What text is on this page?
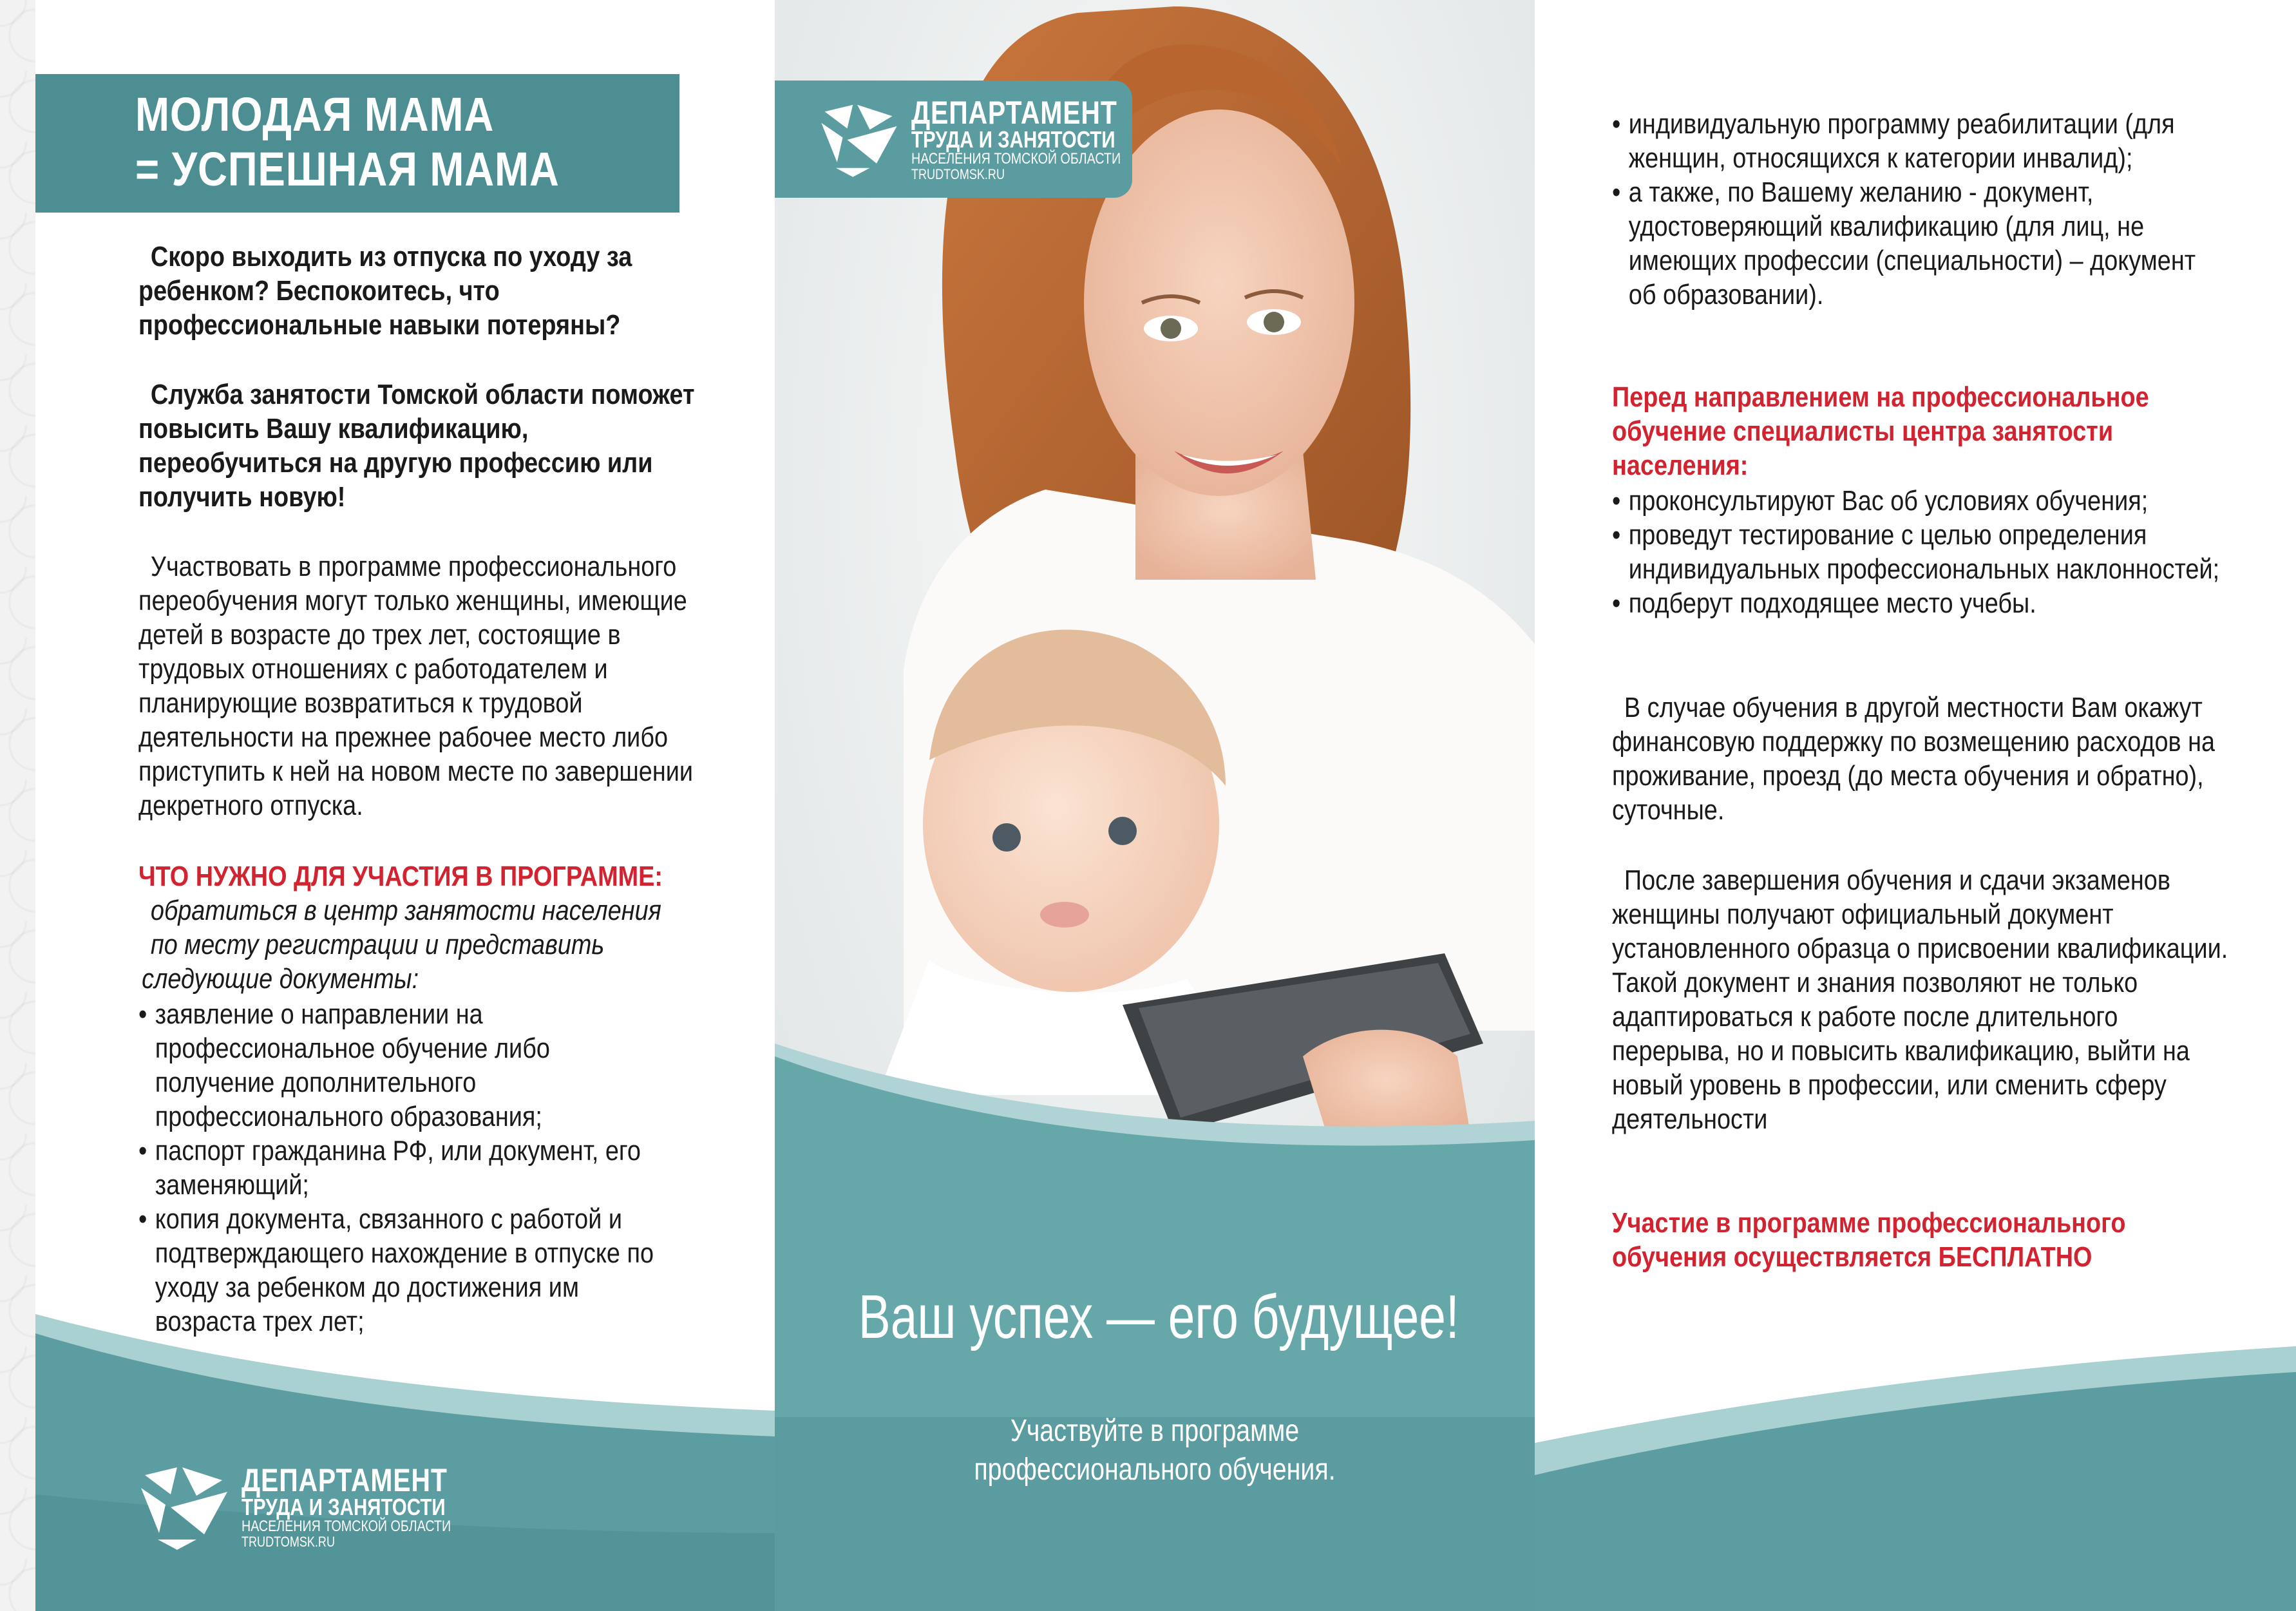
МОЛОДАЯ МАМА
= УСПЕШНАЯ МАМА
Скоро выходить из отпуска по уходу за ребенком? Беспокоитесь, что профессиональные навыки потеряны?
Служба занятости Томской области поможет повысить Вашу квалификацию, переобучиться на другую профессию или получить новую!
Участвовать в программе профессионального переобучения могут только женщины, имеющие детей в возрасте до трех лет, состоящие в трудовых отношениях с работодателем и планирующие возвратиться к трудовой деятельности на прежнее рабочее место либо приступить к ней на новом месте по завершении декретного отпуска.
ЧТО НУЖНО ДЛЯ УЧАСТИЯ В ПРОГРАММЕ:

обратиться в центр занятости населения

по месту регистрации и представить

следующие документы:

• заявление о направлении на профессиональное обучение либо получение дополнительного профессионального образования;

• паспорт гражданина РФ, или документ, его заменяющий;

• копия документа, связанного с работой и подтверждающего нахождение в отпуске по уходу за ребенком до достижения им возраста трех лет;

ДЕПАРТАМЕНТ
ТРУДА И ЗАНЯТОСТИ
НАСЕЛЕНИЯ ТОМСКОЙ ОБЛАСТИ
TRUDTOMSK.RU
ДЕПАРТАМЕНТ
ТРУДА И ЗАНЯТОСТИ
НАСЕЛЕНИЯ ТОМСКОЙ ОБЛАСТИ
TRUDTOMSK.RU
Ваш успех — его будущее!
Участвуйте в программе
профессионального обучения.

• индивидуальную программу реабилитации (для женщин, относящихся к категории инвалид);

• а также, по Вашему желанию - документ, удостоверяющий квалификацию (для лиц, не имеющих профессии (специальности) – документ об образовании).

Перед направлением на профессиональное обучение специалисты центра занятости населения:

• проконсультируют Вас об условиях обучения;

• проведут тестирование с целью определения индивидуальных профессиональных наклонностей;

• подберут подходящее место учебы.

В случае обучения в другой местности Вам окажут финансовую поддержку по возмещению расходов на проживание, проезд (до места обучения и обратно), суточные.
После завершения обучения и сдачи экзаменов женщины получают официальный документ установленного образца о присвоении квалификации. Такой документ и знания позволяют не только адаптироваться к работе после длительного перерыва, но и повысить квалификацию, выйти на новый уровень в профессии, или сменить сферу деятельности
Участие в программе профессионального обучения осуществляется БЕСПЛАТНО
